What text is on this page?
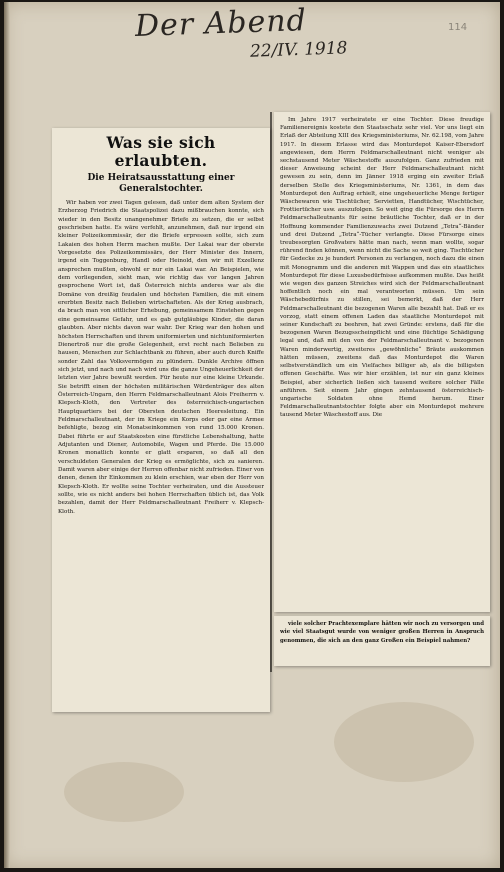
Der Abend
22/IV. 1918
114
Was sie sich erlaubten.
Die Heiratsausstattung einer Generalstochter.
Wir haben vor zwei Tagen gelesen, daß unter dem alten System der Erzherzog Friedrich die Staatspolizei dazu mißbrauchen konnte, sich wieder in den Besitz unangenehmer Briefe zu setzen, die er selbst geschrieben hatte. Es wäre verfehlt, anzunehmen, daß nur irgend ein kleiner Polizeikommissär, der die Briefe erpressen sollte, sich zum Lakaien des hohen Herrn machen mußte. Der Lakai war der oberste Vorgesetzte des Polizeikommissärs, der Herr Minister des Innern, irgend ein Toggenburg, Handl oder Heinold, den wir mit Exzellenz ansprechen mußten, obwohl er nur ein Lakai war. An Beispielen, wie dem vorliegenden, sieht man, wie richtig das vor langen Jahren gesprochene Wort ist, daß Österreich nichts anderes war als die Domäne von dreißig feudalen und höchsten Familien, die mit einem ererbten Besitz nach Belieben wirtschafteten. Als der Krieg ausbrach, da brach man von sittlicher Erhebung, gemeinsamem Einstehen gegen eine gemeinsame Gefahr, und es gab gutgläubige Kinder, die daran glaubten. Aber nichts davon war wahr. Der Krieg war den hohen und höchsten Herrschaften und ihrem uniformierten und nichtuniformierten Dienertroß nur die große Gelegenheit, erst recht nach Belieben zu hausen, Menschen zur Schlachtbank zu führen, aber auch durch Kniffe sonder Zahl das Volksvermögen zu plündern. Dunkle Archive öffnen sich jetzt, und nach und nach wird uns die ganze Ungeheuerlichkeit der letzten vier Jahre bewußt werden. Für heute nur eine kleine Urkunde. Sie betrifft einen der höchsten militärischen Würdenträger des alten Österreich-Ungarn, den Herrn Feldmarschalleutnant Alois Freiherrn v. Klepsch-Kloth, den Vertreter des österreichisch-ungarischen Hauptquartiers bei der Obersten deutschen Heeresleitung. Ein Feldmarschalleutnant, der im Kriege ein Korps oder gar eine Armee befehligte, bezog ein Monatseinkommen von rund 15.000 Kronen. Dabei führte er auf Staatskosten eine fürstliche Lebenshaltung, hatte Adjutanten und Diener, Automobile, Wagen und Pferde. Die 15.000 Kronen monatlich konnte er glatt ersparen, so daß all den verschuldeten Generalen der Krieg es ermöglichte, sich zu sanieren. Damit waren aber einige der Herren offenbar nicht zufrieden. Einer von denen, denen ihr Einkommen zu klein erschien, war eben der Herr von Klepsch-Kloth. Er wollte seine Tochter verheiraten, und die Aussteuer sollte, wie es nicht anders bei hohen Herrschaften üblich ist, das Volk bezahlen, damit der Herr Feldmarschalleutnant Freiherr v. Klepsch-Kloth.
Im Jahre 1917 verheiratete er eine Tochter. Diese freudige Familienereignis kostete den Staatsschatz sehr viel. Vor uns liegt ein Erlaß der Abteilung XIII des Kriegsministeriums, Nr. 62.198, vom Jahre 1917. In diesem Erlasse wird das Monturdepot Kaiser-Ebersdorf angewiesen, dem Herrn Feldmarschalleutnant nicht weniger als sechstausend Meter Wäschestoffe auszufolgen. Ganz zufrieden mit dieser Anweisung scheint der Herr Feldmarschalleutnant nicht gewesen zu sein, denn im Jänner 1918 erging ein zweiter Erlaß derselben Stelle des Kriegsministeriums, Nr. 1361, in dem das Monturdepot den Auftrag erhielt, eine ungeheuerliche Menge fertiger Wäschewaren wie Tischtücher, Servietten, Handtücher, Wischtücher, Frottiertücher usw. auszufolgen. So weit ging die Fürsorge des Herrn Feldmarschalleutnants für seine bräutliche Tochter, daß er in der Hoffnung kommender Familienzuwachs zwei Dutzend „Tetra“-Bänder und drei Dutzend „Tetra“-Tücher verlangte. Diese Fürsorge eines treubesorgten Großvaters hätte man nach, wenn man wollte, sogar rührend finden können, wenn nicht die Sache so weit ging. Tischtücher für Gedecke zu je hundert Personen zu verlangen, noch dazu die einen mit Monogramm und die anderen mit Wappen und das ein staatliches Monturdepot für diese Luxusbedürfnisse aufkommen mußte. Das heißt wie wegen des ganzen Streiches wird sich der Feldmarschalleutnant hoffentlich noch ein mal verantworten müssen. Um sein Wäschebedürfnis zu stillen, sei bemerkt, daß der Herr Feldmarschalleutnant die bezogenen Waren alle bezahlt hat. Daß er es vorzog, statt einem offenen Laden das staatliche Monturdepot mit seiner Kundschaft zu beehren, hat zwei Gründe: erstens, daß für die bezogenen Waren Bezugsscheinpflicht und eine flüchtige Schädigung legal und, daß mit den von der Feldmarschalleutnant v. bezogenen Waren minderwertig, zweiteres „gewöhnliche“ Bräute auskommen hätten müssen, zweitens daß das Monturdepot die Waren selbstverständlich um ein Vielfaches billiger ab, als die billigsten offenen Geschäfte. Was wir hier erzählen, ist nur ein ganz kleines Beispiel, aber sicherlich ließen sich tausend weitere solcher Fälle anführen. Seit einem Jahr gingen zehntausend österreichisch-ungarische Soldaten ohne Hemd herum. Einer Feldmarschalleutnantstochter folgte aber ein Monturdepot mehrere tausend Meter Wäschestoff aus. Die
viele solcher Prachtexemplare hätten wir noch zu versorgen und wie viel Staatsgut wurde von weniger großen Herren in Anspruch genommen, die sich an den ganz Großen ein Beispiel nahmen?
